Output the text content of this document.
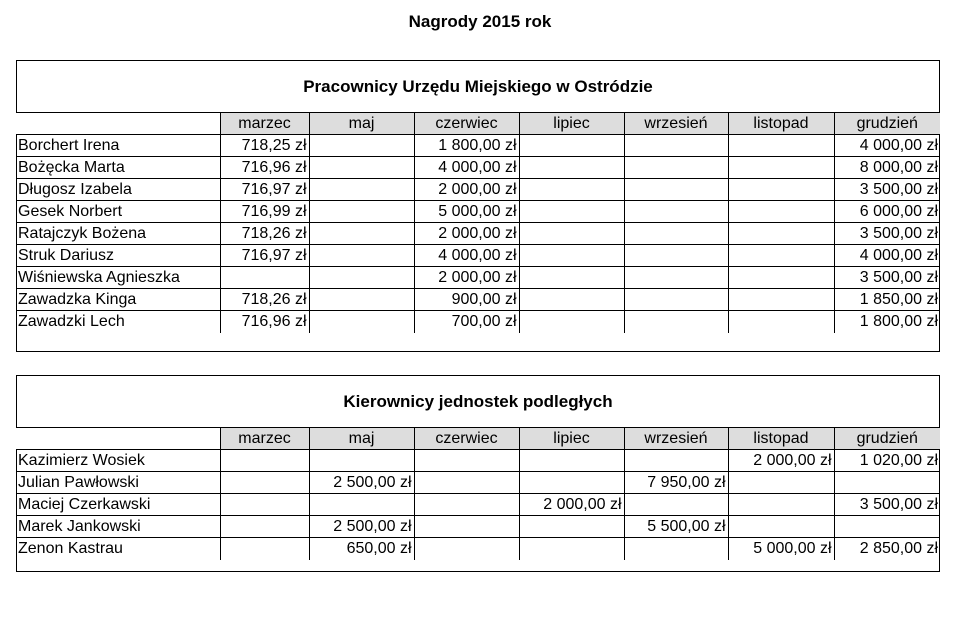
Nagrody 2015 rok
Pracownicy Urzędu Miejskiego w Ostródzie
	marzec	maj	czerwiec	lipiec	wrzesień	listopad	grudzień
Borchert Irena	718,25 zł		1 800,00 zł				4 000,00 zł
Bożęcka Marta	716,96 zł		4 000,00 zł				8 000,00 zł
Długosz Izabela	716,97 zł		2 000,00 zł				3 500,00 zł
Gesek Norbert	716,99 zł		5 000,00 zł				6 000,00 zł
Ratajczyk Bożena	718,26 zł		2 000,00 zł				3 500,00 zł
Struk Dariusz	716,97 zł		4 000,00 zł				4 000,00 zł
Wiśniewska Agnieszka			2 000,00 zł				3 500,00 zł
Zawadzka Kinga	718,26 zł		900,00 zł				1 850,00 zł
Zawadzki Lech	716,96 zł		700,00 zł				1 800,00 zł
Kierownicy jednostek podległych
	marzec	maj	czerwiec	lipiec	wrzesień	listopad	grudzień
Kazimierz Wosiek						2 000,00 zł	1 020,00 zł
Julian Pawłowski		2 500,00 zł			7 950,00 zł		
Maciej Czerkawski				2 000,00 zł			3 500,00 zł
Marek Jankowski		2 500,00 zł			5 500,00 zł		
Zenon Kastrau		650,00 zł				5 000,00 zł	2 850,00 zł
